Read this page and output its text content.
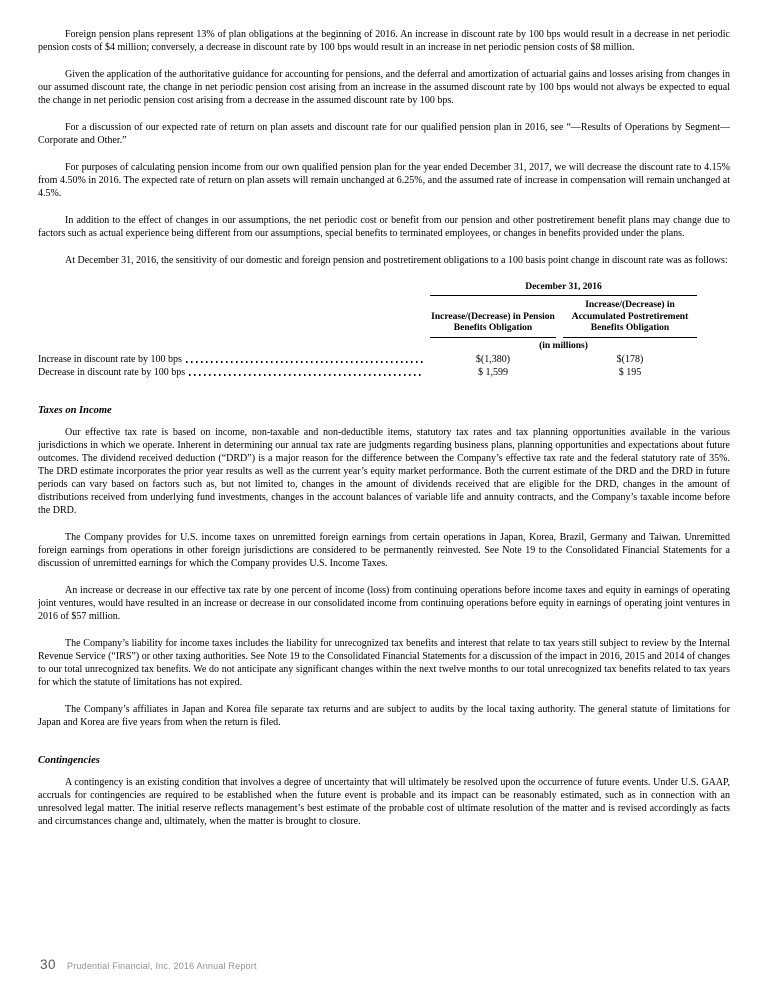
Foreign pension plans represent 13% of plan obligations at the beginning of 2016. An increase in discount rate by 100 bps would result in a decrease in net periodic pension costs of $4 million; conversely, a decrease in discount rate by 100 bps would result in an increase in net periodic pension costs of $8 million.

Given the application of the authoritative guidance for accounting for pensions, and the deferral and amortization of actuarial gains and losses arising from changes in our assumed discount rate, the change in net periodic pension cost arising from an increase in the assumed discount rate by 100 bps would not always be expected to equal the change in net periodic pension cost arising from a decrease in the assumed discount rate by 100 bps.

For a discussion of our expected rate of return on plan assets and discount rate for our qualified pension plan in 2016, see “—Results of Operations by Segment—Corporate and Other.”

For purposes of calculating pension income from our own qualified pension plan for the year ended December 31, 2017, we will decrease the discount rate to 4.15% from 4.50% in 2016. The expected rate of return on plan assets will remain unchanged at 6.25%, and the assumed rate of increase in compensation will remain unchanged at 4.5%.

In addition to the effect of changes in our assumptions, the net periodic cost or benefit from our pension and other postretirement benefit plans may change due to factors such as actual experience being different from our assumptions, special benefits to terminated employees, or changes in benefits provided under the plans.

At December 31, 2016, the sensitivity of our domestic and foreign pension and postretirement obligations to a 100 basis point change in discount rate was as follows:

December 31, 2016
Increase/(Decrease) in Pension Benefits Obligation
Increase/(Decrease) in Accumulated Postretirement Benefits Obligation
(in millions)
Increase in discount rate by 100 bps	$(1,380)	$(178)
Decrease in discount rate by 100 bps	$ 1,599	$ 195
Taxes on Income

Our effective tax rate is based on income, non-taxable and non-deductible items, statutory tax rates and tax planning opportunities available in the various jurisdictions in which we operate. Inherent in determining our annual tax rate are judgments regarding business plans, planning opportunities and expectations about future outcomes. The dividend received deduction (“DRD”) is a major reason for the difference between the Company’s effective tax rate and the federal statutory rate of 35%. The DRD estimate incorporates the prior year results as well as the current year’s equity market performance. Both the current estimate of the DRD and the DRD in future periods can vary based on factors such as, but not limited to, changes in the amount of dividends received that are eligible for the DRD, changes in the amount of distributions received from underlying fund investments, changes in the account balances of variable life and annuity contracts, and the Company’s taxable income before the DRD.

The Company provides for U.S. income taxes on unremitted foreign earnings from certain operations in Japan, Korea, Brazil, Germany and Taiwan. Unremitted foreign earnings from operations in other foreign jurisdictions are considered to be permanently reinvested. See Note 19 to the Consolidated Financial Statements for a discussion of unremitted earnings for which the Company provides U.S. Income Taxes.

An increase or decrease in our effective tax rate by one percent of income (loss) from continuing operations before income taxes and equity in earnings of operating joint ventures, would have resulted in an increase or decrease in our consolidated income from continuing operations before equity in earnings of operating joint ventures in 2016 of $57 million.

The Company’s liability for income taxes includes the liability for unrecognized tax benefits and interest that relate to tax years still subject to review by the Internal Revenue Service (“IRS”) or other taxing authorities. See Note 19 to the Consolidated Financial Statements for a discussion of the impact in 2016, 2015 and 2014 of changes to our total unrecognized tax benefits. We do not anticipate any significant changes within the next twelve months to our total unrecognized tax benefits related to tax years for which the statute of limitations has not expired.

The Company’s affiliates in Japan and Korea file separate tax returns and are subject to audits by the local taxing authority. The general statute of limitations for Japan and Korea are five years from when the return is filed.

Contingencies

A contingency is an existing condition that involves a degree of uncertainty that will ultimately be resolved upon the occurrence of future events. Under U.S. GAAP, accruals for contingencies are required to be established when the future event is probable and its impact can be reasonably estimated, such as in connection with an unresolved legal matter. The initial reserve reflects management’s best estimate of the probable cost of ultimate resolution of the matter and is revised accordingly as facts and circumstances change and, ultimately, when the matter is brought to closure.

30 Prudential Financial, Inc. 2016 Annual Report
